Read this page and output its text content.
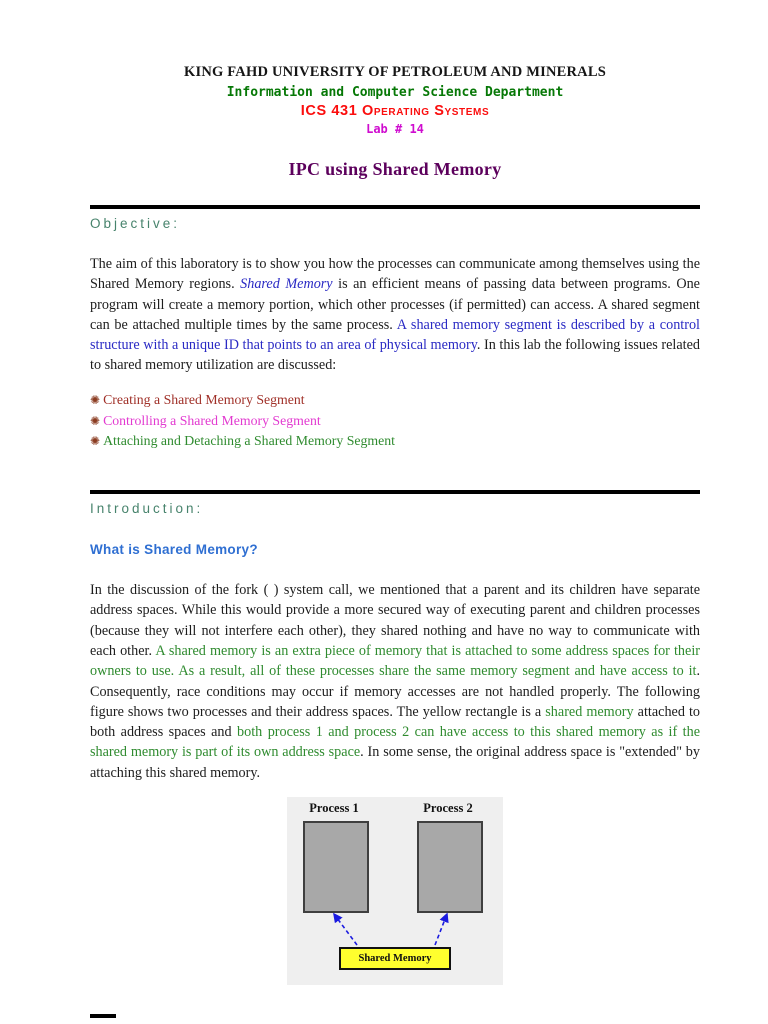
KING FAHD UNIVERSITY OF PETROLEUM AND MINERALS
Information and Computer Science Department
ICS 431 Operating Systems
Lab # 14
IPC using Shared Memory
Objective:

The aim of this laboratory is to show you how the processes can communicate among themselves using the Shared Memory regions. Shared Memory is an efficient means of passing data between programs. One program will create a memory portion, which other processes (if permitted) can access. A shared segment can be attached multiple times by the same process. A shared memory segment is described by a control structure with a unique ID that points to an area of physical memory. In this lab the following issues related to shared memory utilization are discussed:

✺ Creating a Shared Memory Segment
✺ Controlling a Shared Memory Segment
✺ Attaching and Detaching a Shared Memory Segment
Introduction:
What is Shared Memory?

In the discussion of the fork ( ) system call, we mentioned that a parent and its children have separate address spaces. While this would provide a more secured way of executing parent and children processes (because they will not interfere each other), they shared nothing and have no way to communicate with each other. A shared memory is an extra piece of memory that is attached to some address spaces for their owners to use. As a result, all of these processes share the same memory segment and have access to it. Consequently, race conditions may occur if memory accesses are not handled properly. The following figure shows two processes and their address spaces. The yellow rectangle is a shared memory attached to both address spaces and both process 1 and process 2 can have access to this shared memory as if the shared memory is part of its own address space. In some sense, the original address space is "extended" by attaching this shared memory.

Process 1	Process 2
Shared Memory
